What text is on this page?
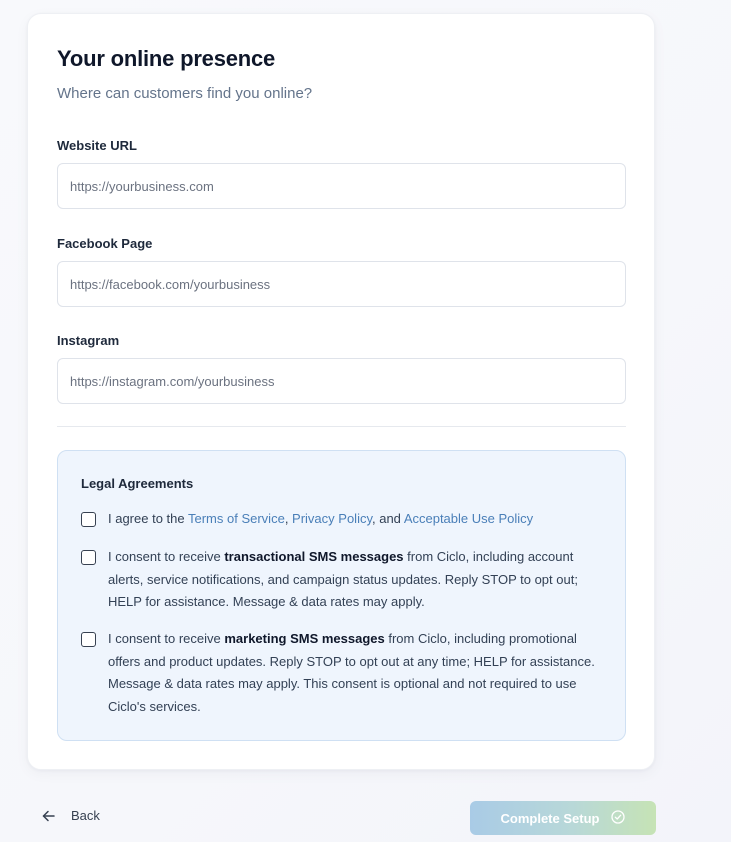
Your online presence

Where can customers find you online?

Website URL
https://yourbusiness.com
Facebook Page
https://facebook.com/yourbusiness
Instagram
https://instagram.com/yourbusiness
Legal Agreements
I agree to the Terms of Service, Privacy Policy, and Acceptable Use Policy
I consent to receive transactional SMS messages from Ciclo, including account alerts, service notifications, and campaign status updates. Reply STOP to opt out; HELP for assistance. Message & data rates may apply.
I consent to receive marketing SMS messages from Ciclo, including promotional offers and product updates. Reply STOP to opt out at any time; HELP for assistance. Message & data rates may apply. This consent is optional and not required to use Ciclo's services.
Back	Complete Setup
